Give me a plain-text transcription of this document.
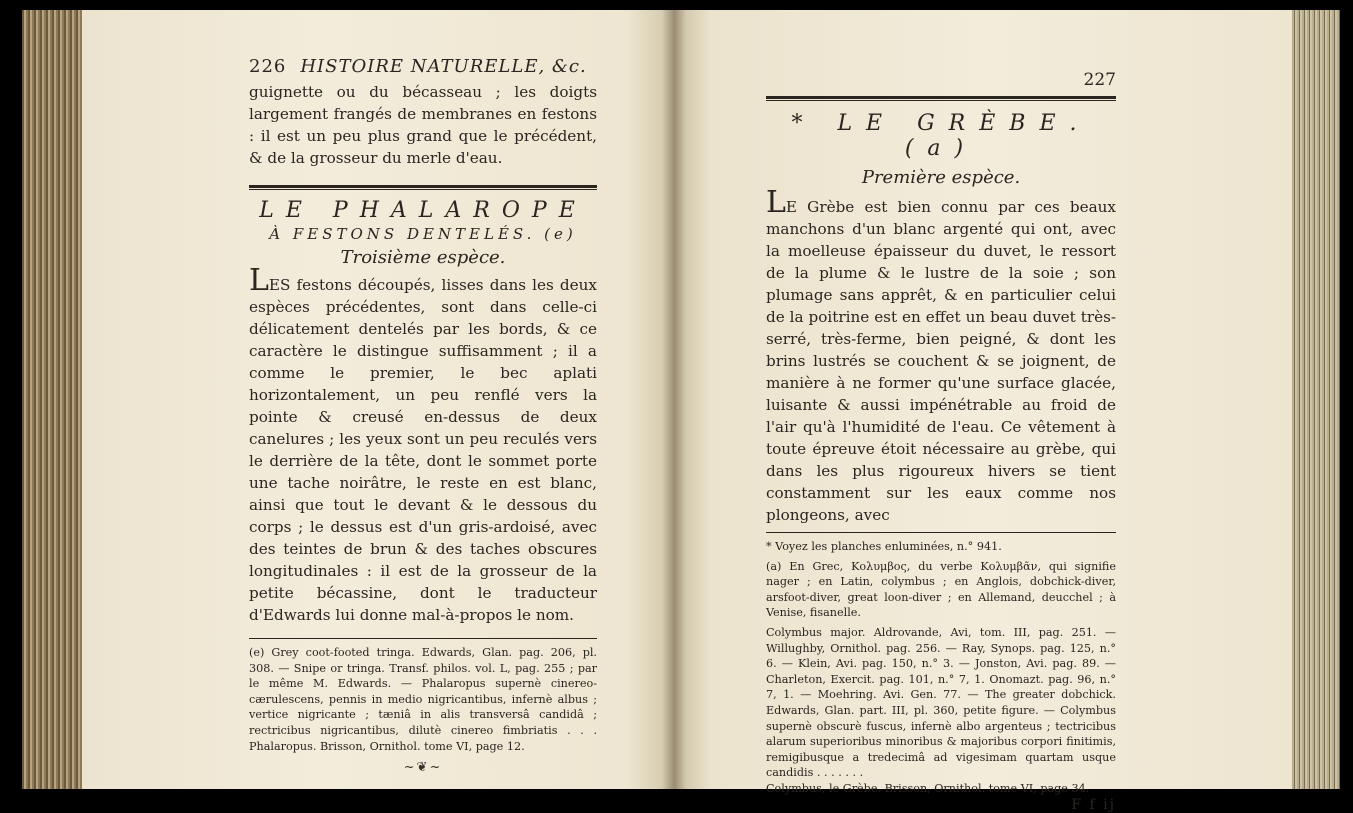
226 HISTOIRE NATURELLE, &c.

guignette ou du bécasseau ; les doigts largement frangés de membranes en festons : il est un peu plus grand que le précédent, & de la grosseur du merle d'eau.

LE PHALAROPE

À FESTONS DENTELÉS. (e)

Troisième espèce.

LES festons découpés, lisses dans les deux espèces précédentes, sont dans celle-ci délicatement dentelés par les bords, & ce caractère le distingue suffisamment ; il a comme le premier, le bec aplati horizontalement, un peu renflé vers la pointe & creusé en-dessus de deux canelures ; les yeux sont un peu reculés vers le derrière de la tête, dont le sommet porte une tache noirâtre, le reste en est blanc, ainsi que tout le devant & le dessous du corps ; le dessus est d'un gris-ardoisé, avec des teintes de brun & des taches obscures longitudinales : il est de la grosseur de la petite bécassine, dont le traducteur d'Edwards lui donne mal-à-propos le nom.

(e) Grey coot-footed tringa. Edwards, Glan. pag. 206, pl. 308. — Snipe or tringa. Transf. philos. vol. L, pag. 255 ; par le même M. Edwards. — Phalaropus supernè cinereo-cærulescens, pennis in medio nigricantibus, infernè albus ; vertice nigricante ; tæniâ in alis transversâ candidâ ; rectricibus nigricantibus, dilutè cinereo fimbriatis . . . Phalaropus. Brisson, Ornithol. tome VI, page 12.

~❦~
227

* LE GRÈBE. (a)

Première espèce.

LE Grèbe est bien connu par ces beaux manchons d'un blanc argenté qui ont, avec la moelleuse épaisseur du duvet, le ressort de la plume & le lustre de la soie ; son plumage sans apprêt, & en particulier celui de la poitrine est en effet un beau duvet très-serré, très-ferme, bien peigné, & dont les brins lustrés se couchent & se joignent, de manière à ne former qu'une surface glacée, luisante & aussi impénétrable au froid de l'air qu'à l'humidité de l'eau. Ce vêtement à toute épreuve étoit nécessaire au grèbe, qui dans les plus rigoureux hivers se tient constamment sur les eaux comme nos plongeons, avec

* Voyez les planches enluminées, n.° 941.

(a) En Grec, Κολυμβος, du verbe Κολυμβᾶν, qui signifie nager ; en Latin, colymbus ; en Anglois, dobchick-diver, arsfoot-diver, great loon-diver ; en Allemand, deucchel ; à Venise, fisanelle.

Colymbus major. Aldrovande, Avi, tom. III, pag. 251. — Willughby, Ornithol. pag. 256. — Ray, Synops. pag. 125, n.° 6. — Klein, Avi. pag. 150, n.° 3. — Jonston, Avi. pag. 89. — Charleton, Exercit. pag. 101, n.° 7, 1. Onomazt. pag. 96, n.° 7, 1. — Moehring. Avi. Gen. 77. — The greater dobchick. Edwards, Glan. part. III, pl. 360, petite figure. — Colymbus supernè obscurè fuscus, infernè albo argenteus ; tectricibus alarum superioribus minoribus & majoribus corpori finitimis, remigibusque a tredecimâ ad vigesimam quartam usque candidis . . . . . . .

Colymbus, le Grèbe. Brisson, Ornithol. tome VI, page 34.

F f ij
